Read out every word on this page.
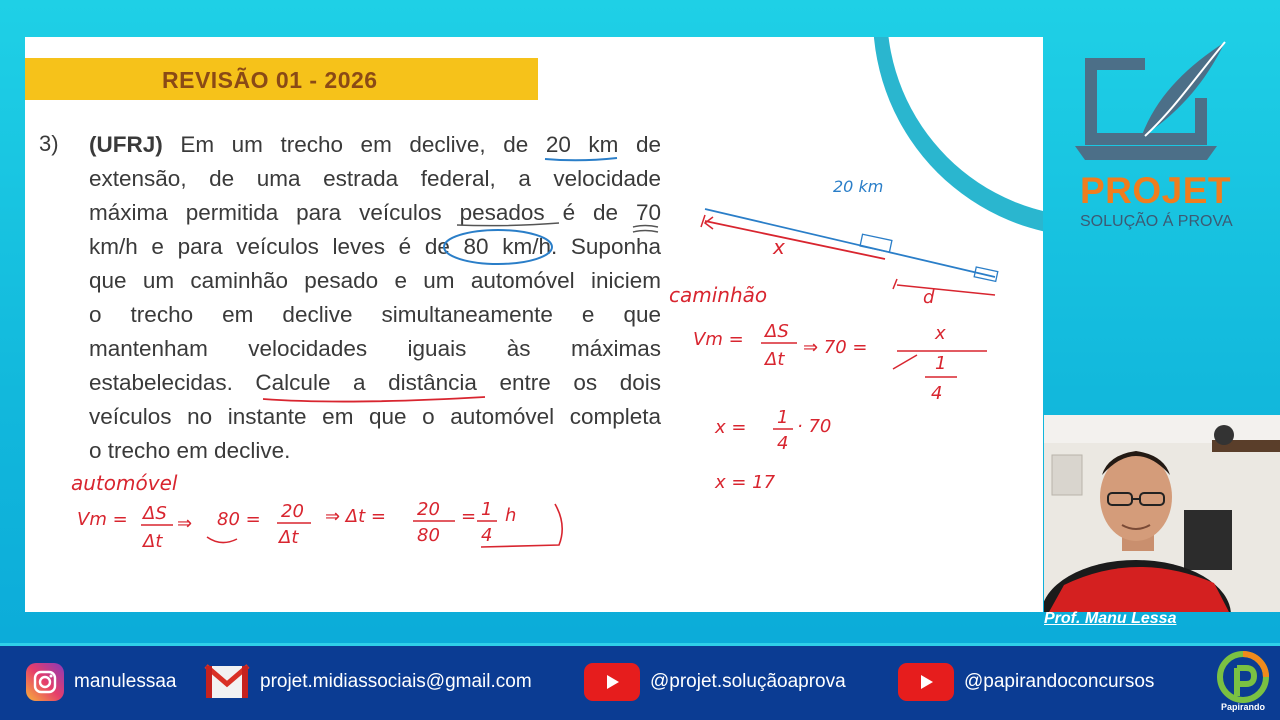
REVISÃO 01 - 2026
3) (UFRJ) Em um trecho em declive, de 20 km de
extensão, de uma estrada federal, a velocidade
máxima permitida para veículos pesados é de 70
km/h e para veículos leves é de 80 km/h. Suponha
que um caminhão pesado e um automóvel iniciem
o trecho em declive simultaneamente e que
mantenham velocidades iguais às máximas
estabelecidas. Calcule a distância entre os dois
veículos no instante em que o automóvel completa
o trecho em declive.
automóvel
Vm = ΔS
Δt
⇒ 80 = 20
Δt
⇒ Δt = 20
80
= 1
4
h
20 km
x
d
caminhão
Vm = ΔS
Δt
⇒ 70 =
x
1
4
x = 1
4
· 70
x = 17
PROJET
SOLUÇÃO Á PROVA
Prof. Manu Lessa
manulessaa	projet.midiassociais@gmail.com	@projet.soluçãoaprova	@papirandoconcursos
Papirando
